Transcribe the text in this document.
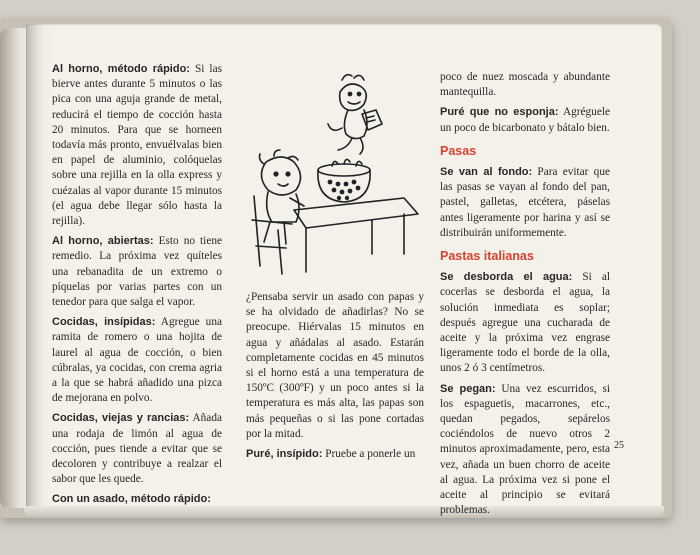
Al horno, método rápido: Si las bierve antes durante 5 minutos o las pica con una aguja grande de metal, reducirá el tiempo de cocción hasta 20 minutos. Para que se horneen todavía más pronto, envuélvalas bien en papel de aluminio, colóquelas sobre una rejilla en la olla express y cuézalas al vapor durante 15 minutos (el agua debe llegar sólo hasta la rejilla).

Al horno, abiertas: Esto no tiene remedio. La próxima vez quíteles una rebanadita de un extremo o píquelas por varias partes con un tenedor para que salga el vapor.

Cocidas, insípidas: Agregue una ramita de romero o una hojita de laurel al agua de cocción, o bien cúbralas, ya cocidas, con crema agria a la que se habrá añadido una pizca de mejorana en polvo.

Cocidas, viejas y rancias: Añada una rodaja de limón al agua de cocción, pues tiende a evitar que se decoloren y contribuye a realzar el sabor que les quede.

Con un asado, método rápido:

¿Pensaba servir un asado con papas y se ha olvidado de añadirlas? No se preocupe. Hiérvalas 15 minutos en agua y añádalas al asado. Estarán completamente cocidas en 45 minutos si el horno está a una temperatura de 150ºC (300ºF) y un poco antes si la temperatura es más alta, las papas son más pequeñas o si las pone cortadas por la mitad.

Puré, insípido: Pruebe a ponerle un

poco de nuez moscada y abundante mantequilla.

Puré que no esponja: Agréguele un poco de bicarbonato y bátalo bien.

Pasas

Se van al fondo: Para evitar que las pasas se vayan al fondo del pan, pastel, galletas, etcétera, páselas antes ligeramente por harina y así se distribuirán uniformemente.

Pastas italianas

Se desborda el agua: Si al cocerlas se desborda el agua, la solución inmediata es soplar; después agregue una cucharada de aceite y la próxima vez engrase ligeramente todo el borde de la olla, unos 2 ó 3 centímetros.

Se pegan: Una vez escurridos, si los espaguetis, macarrones, etc., quedan pegados, sepárelos cociéndolos de nuevo otros 2 minutos aproximadamente, pero, esta vez, añada un buen chorro de aceite al agua. La próxima vez si pone el aceite al principio se evitará problemas.

25
